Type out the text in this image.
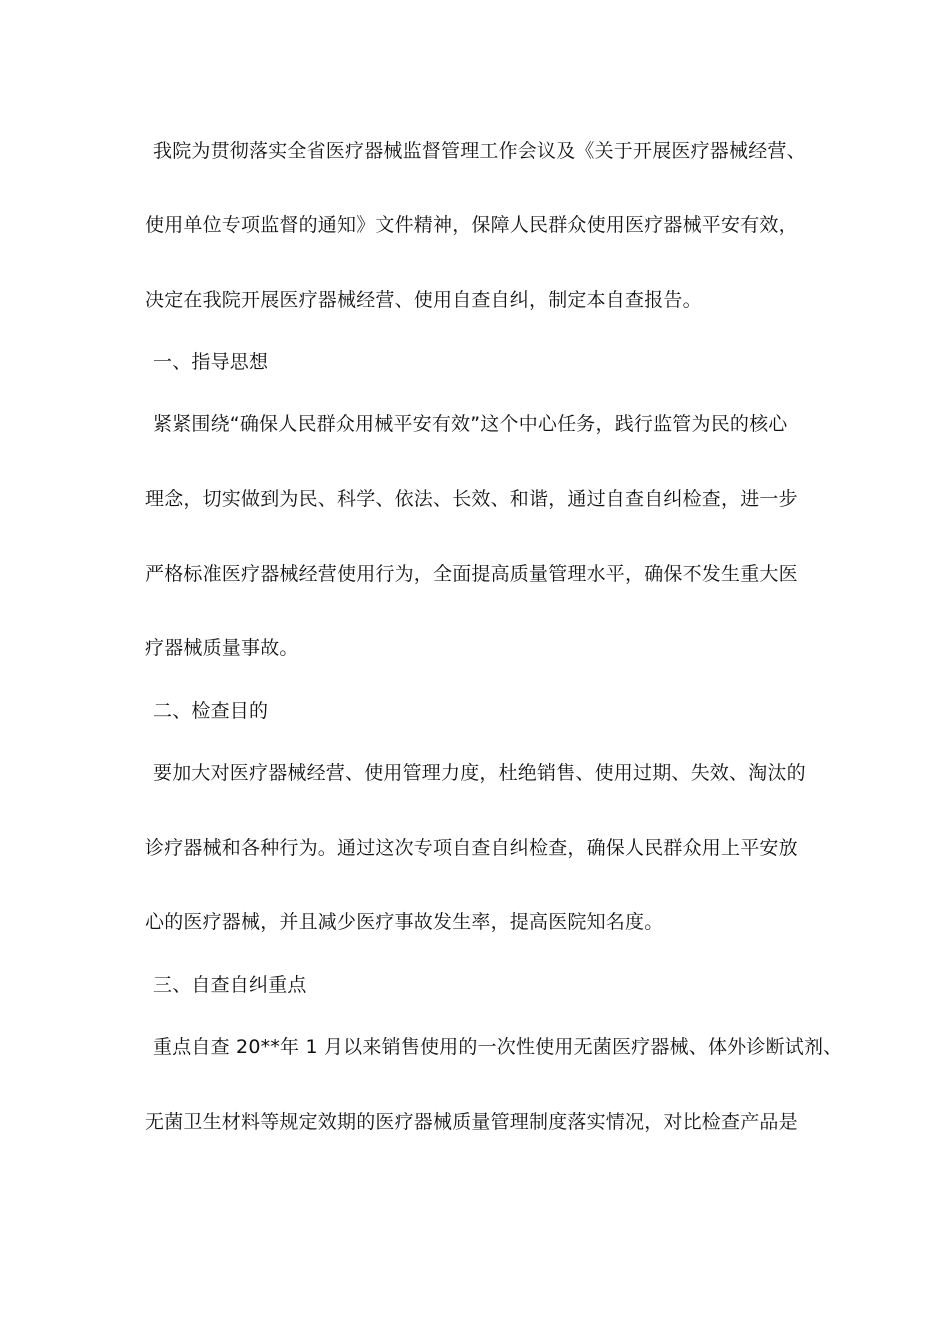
我院为贯彻落实全省医疗器械监督管理工作会议及《关于开展医疗器械经营、
使用单位专项监督的通知》文件精神，保障人民群众使用医疗器械平安有效，
决定在我院开展医疗器械经营、使用自查自纠，制定本自查报告。
一、指导思想
紧紧围绕“确保人民群众用械平安有效”这个中心任务，践行监管为民的核心
理念，切实做到为民、科学、依法、长效、和谐，通过自查自纠检查，进一步
严格标准医疗器械经营使用行为，全面提高质量管理水平，确保不发生重大医
疗器械质量事故。
二、检查目的
要加大对医疗器械经营、使用管理力度，杜绝销售、使用过期、失效、淘汰的
诊疗器械和各种行为。通过这次专项自查自纠检查，确保人民群众用上平安放
心的医疗器械，并且减少医疗事故发生率，提高医院知名度。
三、自查自纠重点
重点自查 20**年 1 月以来销售使用的一次性使用无菌医疗器械、体外诊断试剂、
无菌卫生材料等规定效期的医疗器械质量管理制度落实情况，对比检查产品是
